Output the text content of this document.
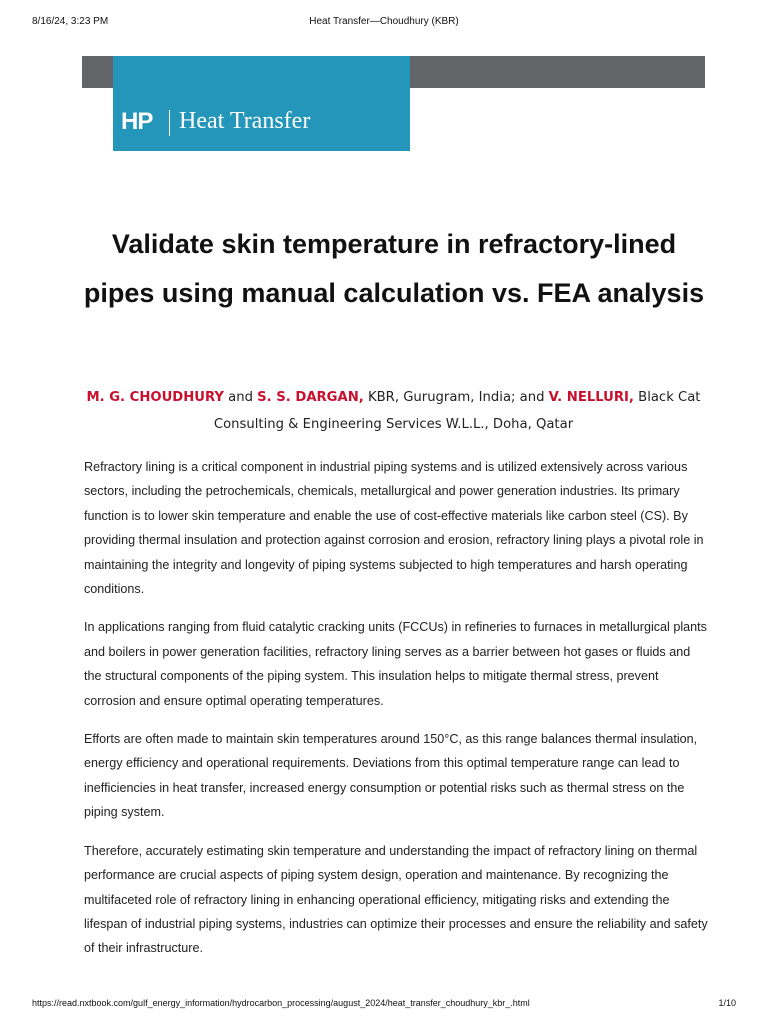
8/16/24, 3:23 PM	Heat Transfer—Choudhury (KBR)
HP Heat Transfer
Validate skin temperature in refractory-lined pipes using manual calculation vs. FEA analysis
M. G. CHOUDHURY and S. S. DARGAN, KBR, Gurugram, India; and V. NELLURI, Black Cat Consulting & Engineering Services W.L.L., Doha, Qatar

Refractory lining is a critical component in industrial piping systems and is utilized extensively across various sectors, including the petrochemicals, chemicals, metallurgical and power generation industries. Its primary function is to lower skin temperature and enable the use of cost-effective materials like carbon steel (CS). By providing thermal insulation and protection against corrosion and erosion, refractory lining plays a pivotal role in maintaining the integrity and longevity of piping systems subjected to high temperatures and harsh operating conditions.

In applications ranging from fluid catalytic cracking units (FCCUs) in refineries to furnaces in metallurgical plants and boilers in power generation facilities, refractory lining serves as a barrier between hot gases or fluids and the structural components of the piping system. This insulation helps to mitigate thermal stress, prevent corrosion and ensure optimal operating temperatures.

Efforts are often made to maintain skin temperatures around 150°C, as this range balances thermal insulation, energy efficiency and operational requirements. Deviations from this optimal temperature range can lead to inefficiencies in heat transfer, increased energy consumption or potential risks such as thermal stress on the piping system.

Therefore, accurately estimating skin temperature and understanding the impact of refractory lining on thermal performance are crucial aspects of piping system design, operation and maintenance. By recognizing the multifaceted role of refractory lining in enhancing operational efficiency, mitigating risks and extending the lifespan of industrial piping systems, industries can optimize their processes and ensure the reliability and safety of their infrastructure.

https://read.nxtbook.com/gulf_energy_information/hydrocarbon_processing/august_2024/heat_transfer_choudhury_kbr_.html	1/10
